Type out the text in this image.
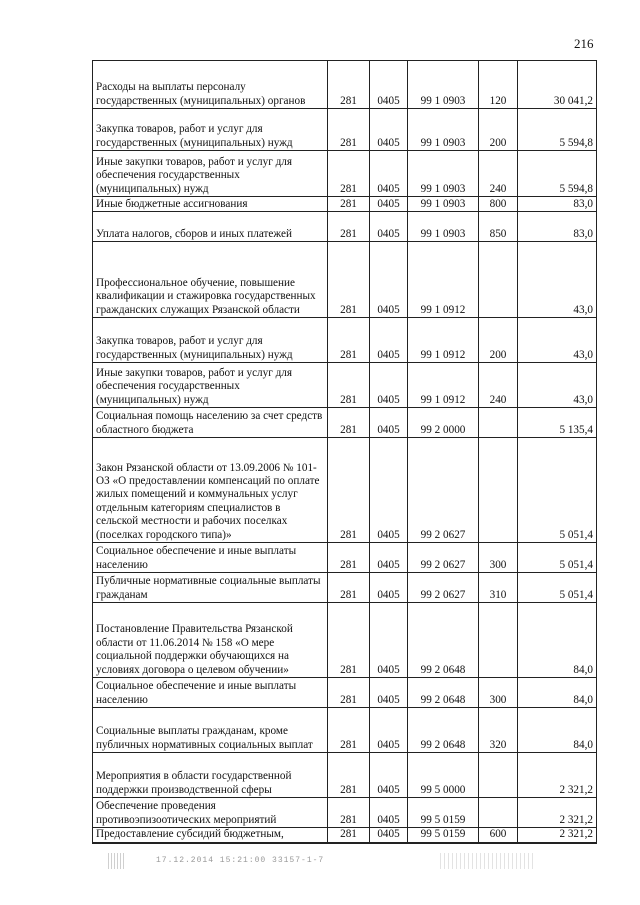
216
Расходы на выплаты персоналу государственных (муниципальных) органов	281	0405	99 1 0903	120	30 041,2
Закупка товаров, работ и услуг для государственных (муниципальных) нужд	281	0405	99 1 0903	200	5 594,8
Иные закупки товаров, работ и услуг для обеспечения государственных (муниципальных) нужд	281	0405	99 1 0903	240	5 594,8
Иные бюджетные ассигнования	281	0405	99 1 0903	800	83,0
Уплата налогов, сборов и иных платежей	281	0405	99 1 0903	850	83,0
Профессиональное обучение, повышение квалификации и стажировка государственных гражданских служащих Рязанской области	281	0405	99 1 0912		43,0
Закупка товаров, работ и услуг для государственных (муниципальных) нужд	281	0405	99 1 0912	200	43,0
Иные закупки товаров, работ и услуг для обеспечения государственных (муниципальных) нужд	281	0405	99 1 0912	240	43,0
Социальная помощь населению за счет средств областного бюджета	281	0405	99 2 0000		5 135,4
Закон Рязанской области от 13.09.2006 № 101-ОЗ «О предоставлении компенсаций по оплате жилых помещений и коммунальных услуг отдельным категориям специалистов в сельской местности и рабочих поселках (поселках городского типа)»	281	0405	99 2 0627		5 051,4
Социальное обеспечение и иные выплаты населению	281	0405	99 2 0627	300	5 051,4
Публичные нормативные социальные выплаты гражданам	281	0405	99 2 0627	310	5 051,4
Постановление Правительства Рязанской области от 11.06.2014 № 158 «О мере социальной поддержки обучающихся на условиях договора о целевом обучении»	281	0405	99 2 0648		84,0
Социальное обеспечение и иные выплаты населению	281	0405	99 2 0648	300	84,0
Социальные выплаты гражданам, кроме публичных нормативных социальных выплат	281	0405	99 2 0648	320	84,0
Мероприятия в области государственной поддержки производственной сферы	281	0405	99 5 0000		2 321,2
Обеспечение проведения противоэпизоотических мероприятий	281	0405	99 5 0159		2 321,2
Предоставление субсидий бюджетным,	281	0405	99 5 0159	600	2 321,2
17.12.2014 15:21:00 33157-1-7
